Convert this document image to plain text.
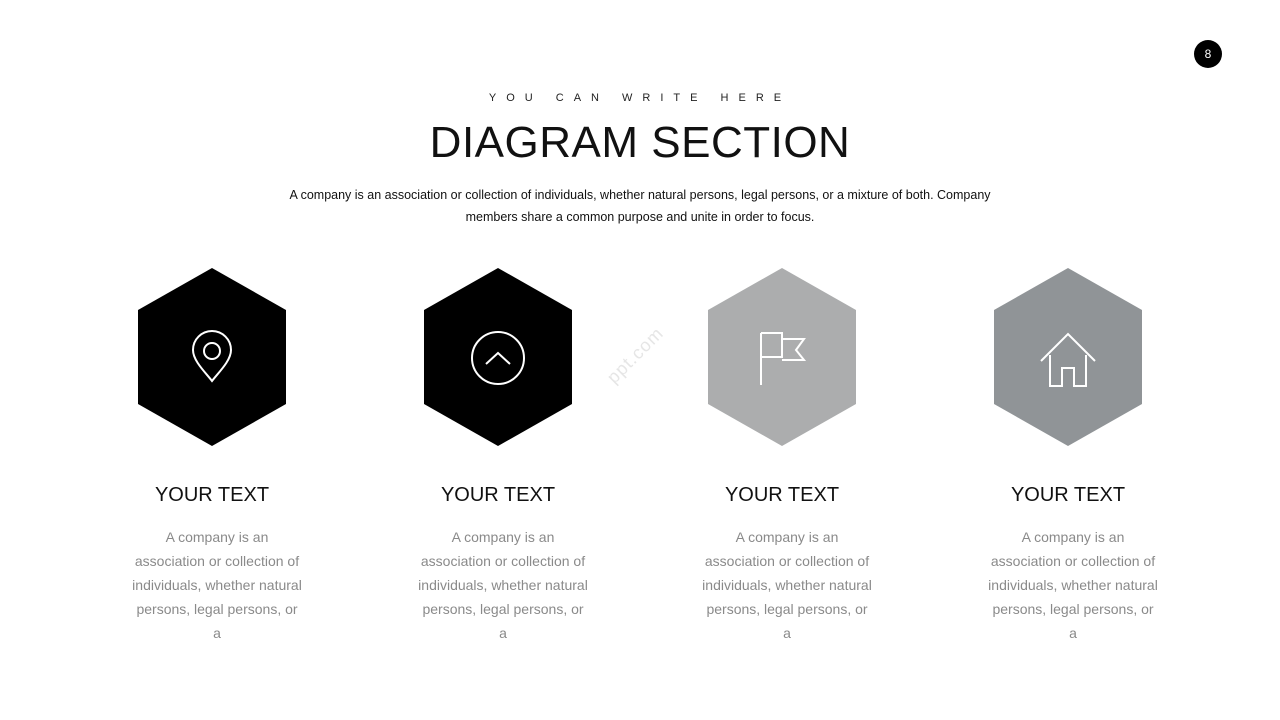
8
YOU CAN WRITE HERE
DIAGRAM SECTION
A company is an association or collection of individuals, whether natural persons, legal persons, or a mixture of both. Company members share a common purpose and unite in order to focus.
YOUR TEXT
A company is an association or collection of individuals, whether natural persons, legal persons, or a
YOUR TEXT
A company is an association or collection of individuals, whether natural persons, legal persons, or a
YOUR TEXT
A company is an association or collection of individuals, whether natural persons, legal persons, or a
YOUR TEXT
A company is an association or collection of individuals, whether natural persons, legal persons, or a
ppt.com
